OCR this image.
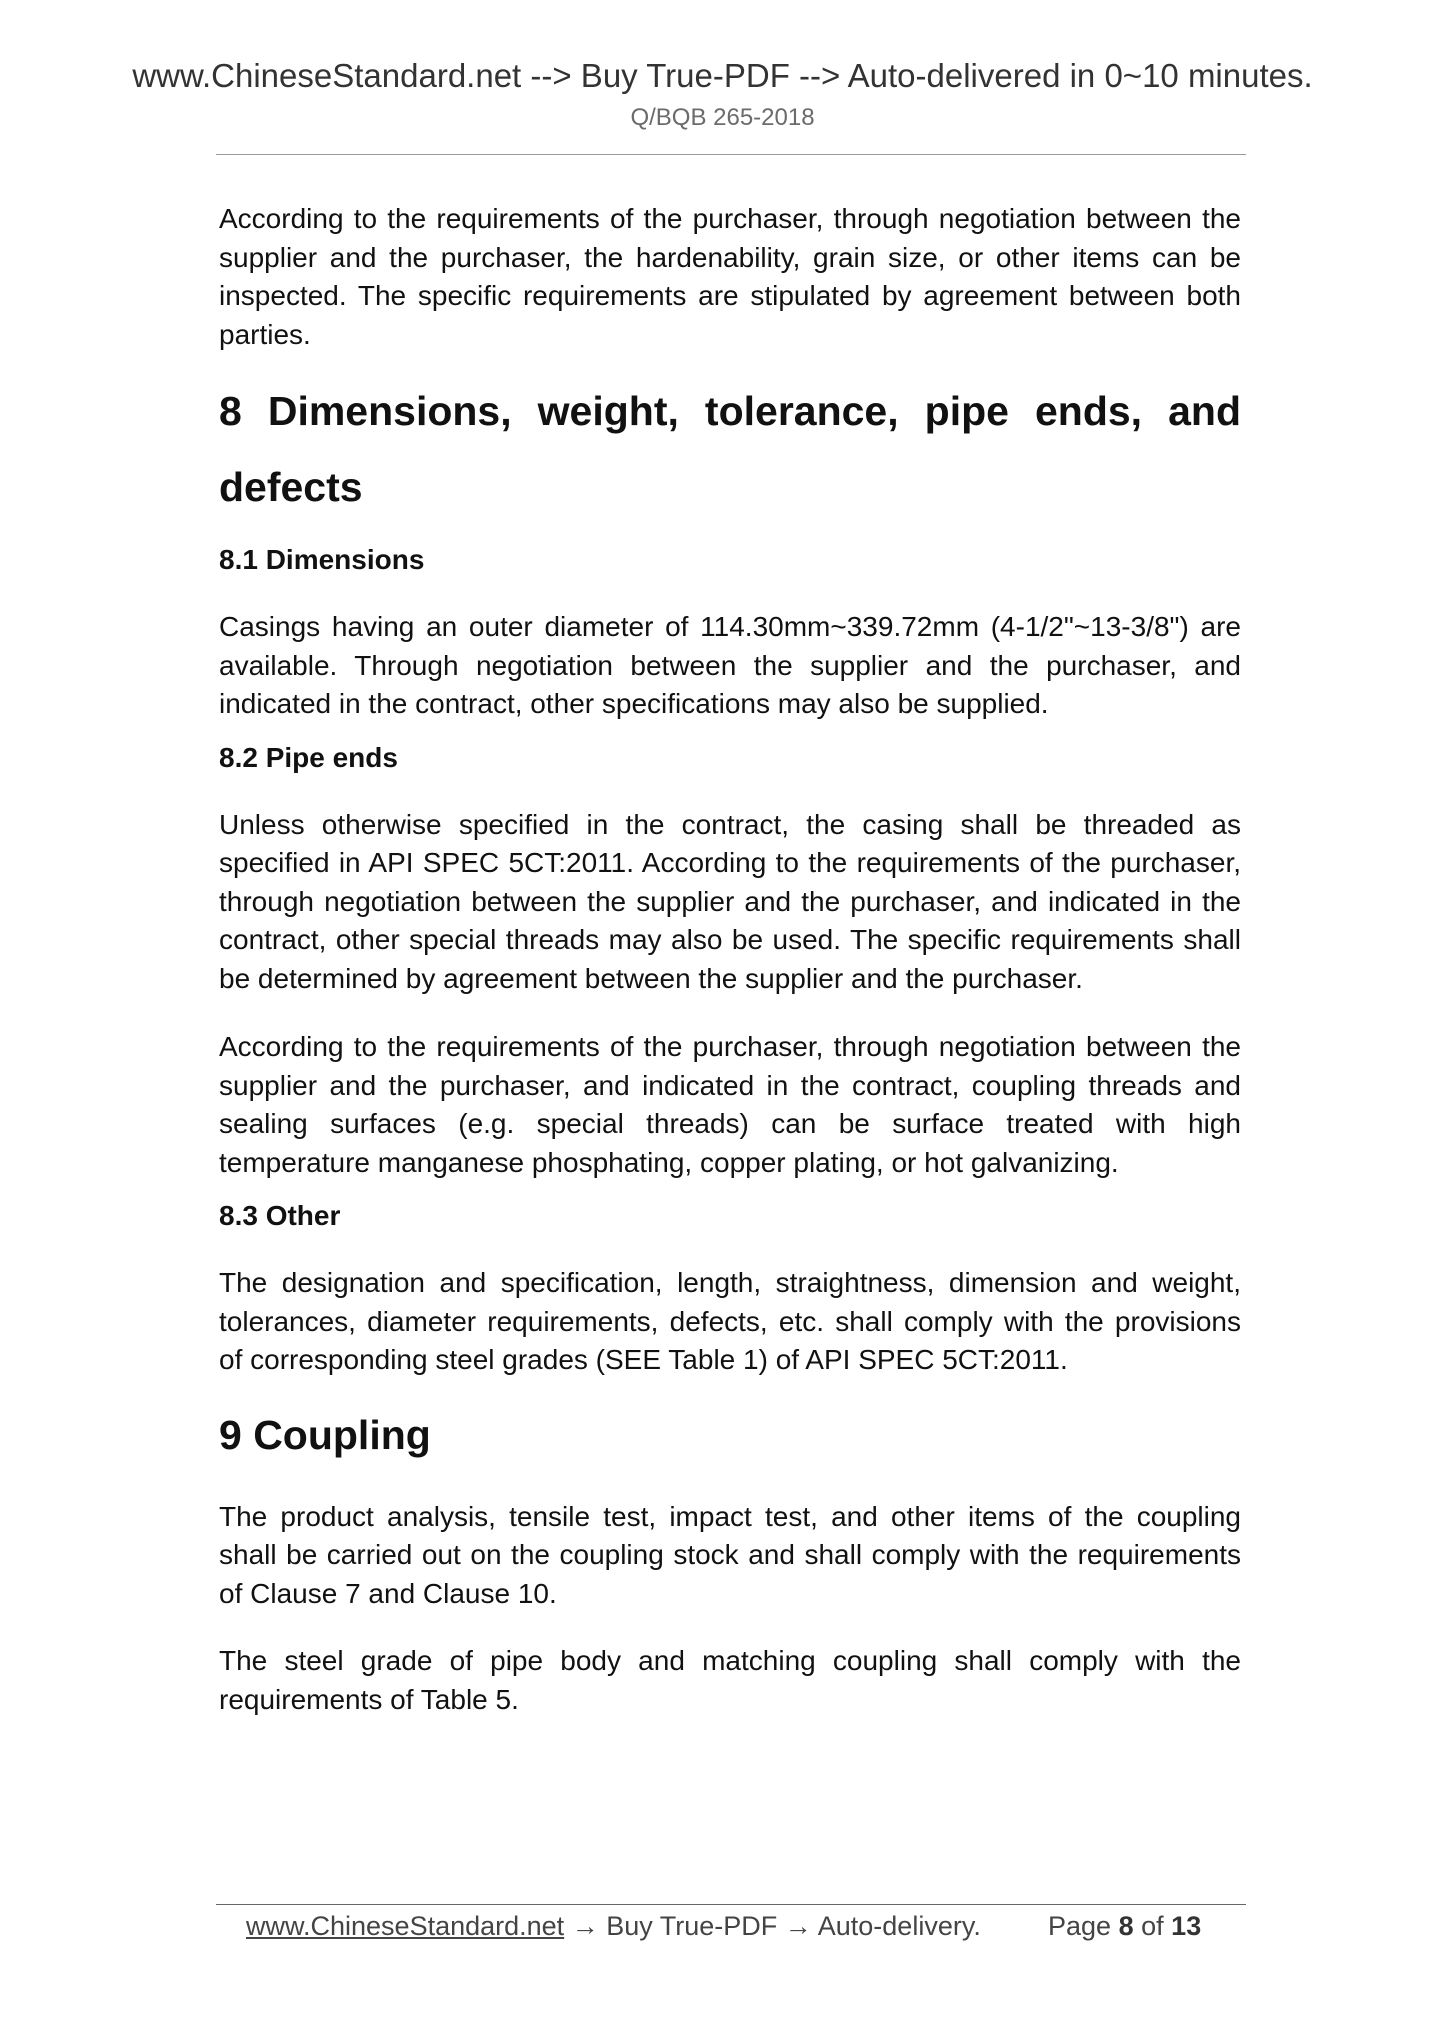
www.ChineseStandard.net --> Buy True-PDF --> Auto-delivered in 0~10 minutes.
Q/BQB 265-2018

According to the requirements of the purchaser, through negotiation between the supplier and the purchaser, the hardenability, grain size, or other items can be inspected. The specific requirements are stipulated by agreement between both parties.

8 Dimensions, weight, tolerance, pipe ends, and defects
8.1 Dimensions

Casings having an outer diameter of 114.30mm~339.72mm (4-1/2"~13-3/8") are available. Through negotiation between the supplier and the purchaser, and indicated in the contract, other specifications may also be supplied.

8.2 Pipe ends

Unless otherwise specified in the contract, the casing shall be threaded as specified in API SPEC 5CT:2011. According to the requirements of the purchaser, through negotiation between the supplier and the purchaser, and indicated in the contract, other special threads may also be used. The specific requirements shall be determined by agreement between the supplier and the purchaser.

According to the requirements of the purchaser, through negotiation between the supplier and the purchaser, and indicated in the contract, coupling threads and sealing surfaces (e.g. special threads) can be surface treated with high temperature manganese phosphating, copper plating, or hot galvanizing.

8.3 Other

The designation and specification, length, straightness, dimension and weight, tolerances, diameter requirements, defects, etc. shall comply with the provisions of corresponding steel grades (SEE Table 1) of API SPEC 5CT:2011.

9 Coupling

The product analysis, tensile test, impact test, and other items of the coupling shall be carried out on the coupling stock and shall comply with the requirements of Clause 7 and Clause 10.

The steel grade of pipe body and matching coupling shall comply with the requirements of Table 5.

www.ChineseStandard.net → Buy True-PDF → Auto-delivery. Page 8 of 13
